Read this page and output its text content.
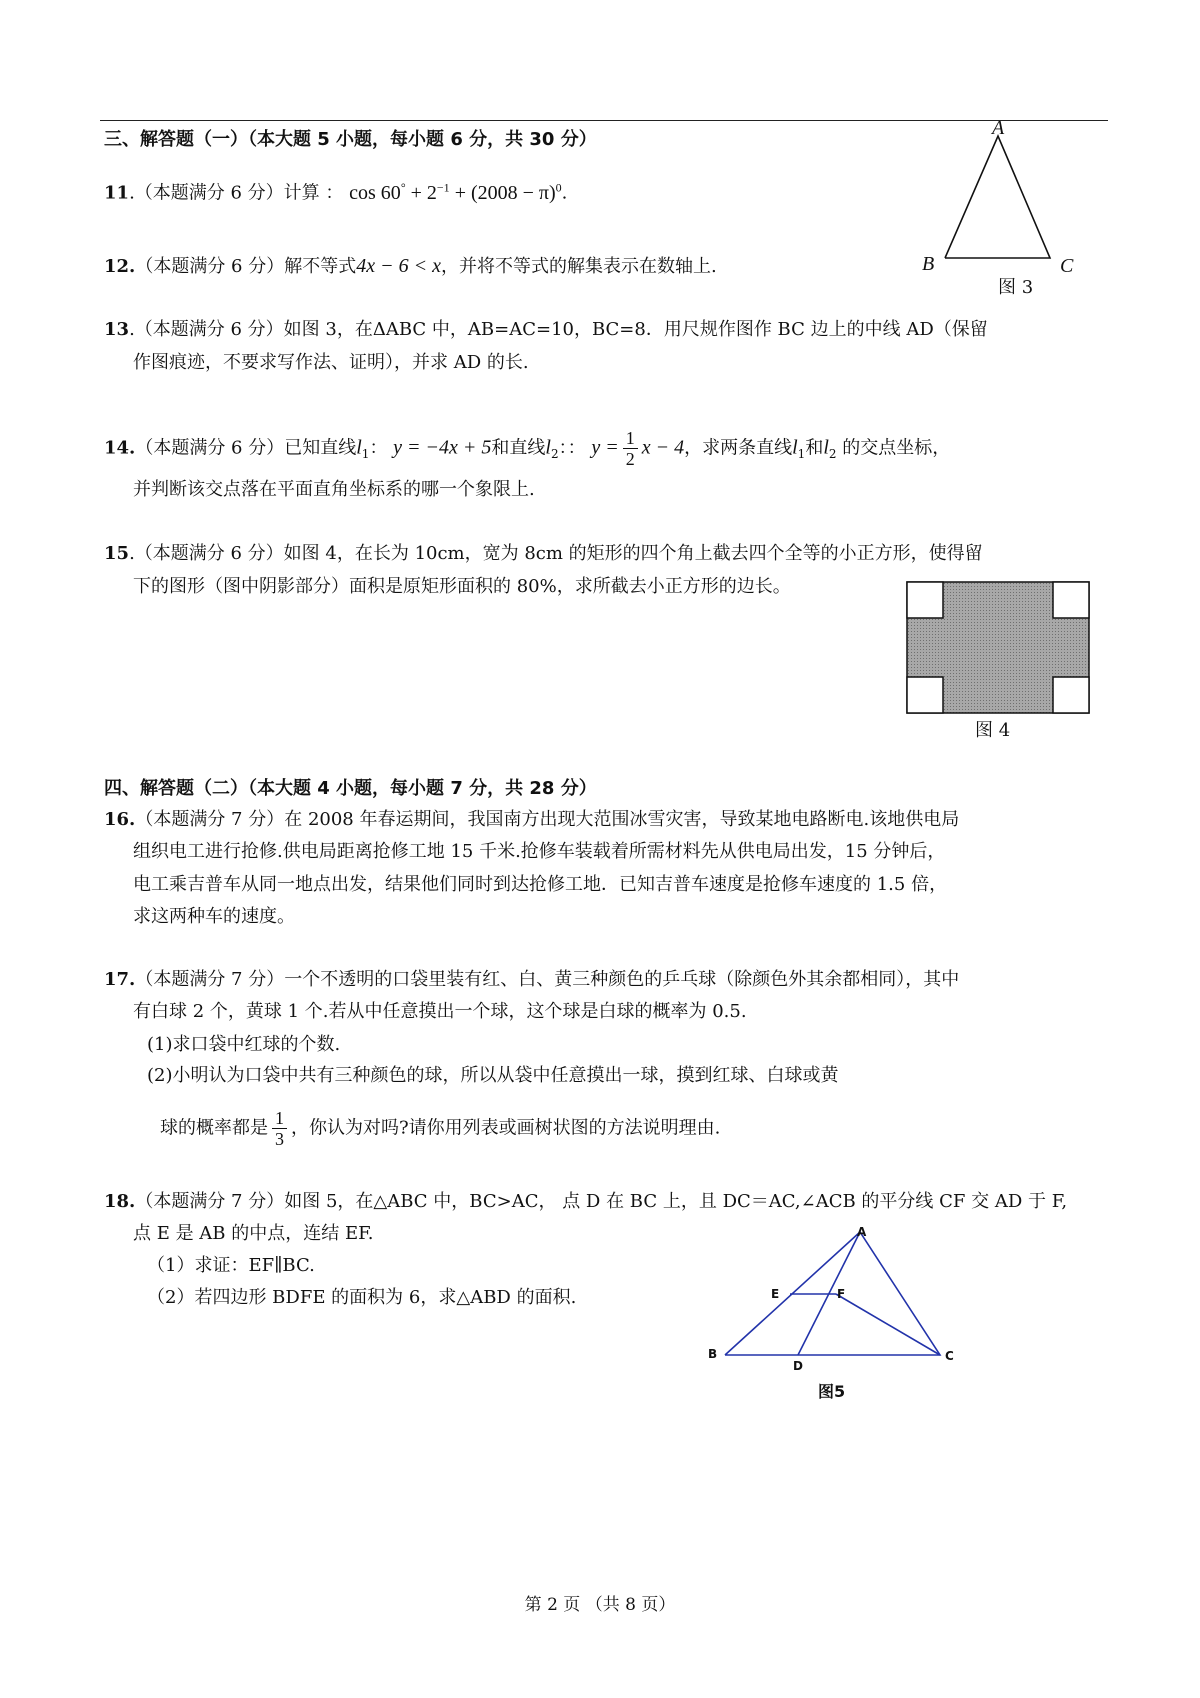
三、解答题（一）（本大题 5 小题，每小题 6 分，共 30 分）
11.（本题满分 6 分）计算 ： $\cos 60^\circ + 2^{-1} + (2008 - \pi)^0$.
12.（本题满分 6 分）解不等式4x − 6 < x，并将不等式的解集表示在数轴上.
13.（本题满分 6 分）如图 3，在ΔABC 中，AB=AC=10，BC=8．用尺规作图作 BC 边上的中线 AD（保留
作图痕迹，不要求写作法、证明），并求 AD 的长.
14.（本题满分 6 分）已知直线$l_1$： y = −4x + 5和直线$l_2$：： $y = \frac{1}{2}$ x − 4，求两条直线$l_1$和$l_2$ 的交点坐标，
并判断该交点落在平面直角坐标系的哪一个象限上.
15.（本题满分 6 分）如图 4，在长为 10cm，宽为 8cm 的矩形的四个角上截去四个全等的小正方形，使得留
下的图形（图中阴影部分）面积是原矩形面积的 80%，求所截去小正方形的边长。
A
B	C
图 3
图 4
四、解答题（二）（本大题 4 小题，每小题 7 分，共 28 分）
16.（本题满分 7 分）在 2008 年春运期间，我国南方出现大范围冰雪灾害，导致某地电路断电.该地供电局
组织电工进行抢修.供电局距离抢修工地 15 千米.抢修车装载着所需材料先从供电局出发，15 分钟后，
电工乘吉普车从同一地点出发，结果他们同时到达抢修工地．已知吉普车速度是抢修车速度的 1.5 倍，
求这两种车的速度。
17.（本题满分 7 分）一个不透明的口袋里装有红、白、黄三种颜色的乒乓球（除颜色外其余都相同），其中
有白球 2 个，黄球 1 个.若从中任意摸出一个球，这个球是白球的概率为 0.5.
(1)求口袋中红球的个数.
(2)小明认为口袋中共有三种颜色的球，所以从袋中任意摸出一球，摸到红球、白球或黄
球的概率都是 $\frac{1}{3}$ ，你认为对吗?请你用列表或画树状图的方法说明理由.
18.（本题满分 7 分）如图 5，在△ABC 中，BC>AC， 点 D 在 BC 上，且 DC＝AC,∠ACB 的平分线 CF 交 AD 于 F,
点 E 是 AB 的中点，连结 EF.
（1）求证：EF∥BC.
（2）若四边形 BDFE 的面积为 6，求△ABD 的面积.
A
E	F
B
D
C
图5
第 2 页 （共 8 页）
